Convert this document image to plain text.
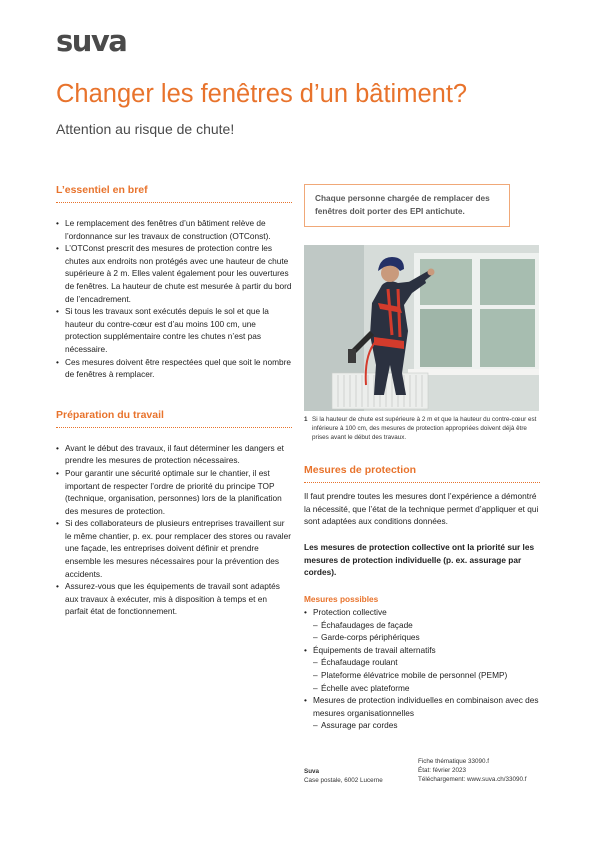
suva
Changer les fenêtres d’un bâtiment?
Attention au risque de chute!
L’essentiel en bref
• Le remplacement des fenêtres d’un bâtiment relève de l’ordonnance sur les travaux de construction (OTConst).
• L’OTConst prescrit des mesures de protection contre les chutes aux endroits non protégés avec une hauteur de chute supérieure à 2 m. Elles valent également pour les ouvertures de fenêtres. La hauteur de chute est mesurée à partir du bord de l’encadrement.
• Si tous les travaux sont exécutés depuis le sol et que la hauteur du contre-cœur est d’au moins 100 cm, une protection supplémentaire contre les chutes n’est pas nécessaire.
• Ces mesures doivent être respectées quel que soit le nombre de fenêtres à remplacer.
Préparation du travail
• Avant le début des travaux, il faut déterminer les dangers et prendre les mesures de protection nécessaires.
• Pour garantir une sécurité optimale sur le chantier, il est important de respecter l’ordre de priorité du principe TOP (technique, organisation, personnes) lors de la planification des mesures de protection.
• Si des collaborateurs de plusieurs entreprises travaillent sur le même chantier, p. ex. pour remplacer des stores ou ravaler une façade, les entreprises doivent définir et prendre ensemble les mesures nécessaires pour la prévention des accidents.
• Assurez-vous que les équipements de travail sont adaptés aux travaux à exécuter, mis à disposition à temps et en parfait état de fonctionnement.
Chaque personne chargée de remplacer des fenêtres doit porter des EPI antichute.
1 Si la hauteur de chute est supérieure à 2 m et que la hauteur du contre-cœur est inférieure à 100 cm, des mesures de protection appropriées doivent déjà être prises avant le début des travaux.
Mesures de protection

Il faut prendre toutes les mesures dont l’expérience a démontré la nécessité, que l’état de la technique permet d’appliquer et qui sont adaptées aux conditions données.

Les mesures de protection collective ont la priorité sur les mesures de protection individuelle (p. ex. assurage par cordes).

Mesures possibles
• Protection collective
– Échafaudages de façade
– Garde-corps périphériques
• Équipements de travail alternatifs
– Échafaudage roulant
– Plateforme élévatrice mobile de personnel (PEMP)
– Échelle avec plateforme
• Mesures de protection individuelles en combinaison avec des mesures organisationnelles
– Assurage par cordes
Suva
Case postale, 6002 Lucerne
Fiche thématique 33090.f
État: février 2023
Téléchargement: www.suva.ch/33090.f
